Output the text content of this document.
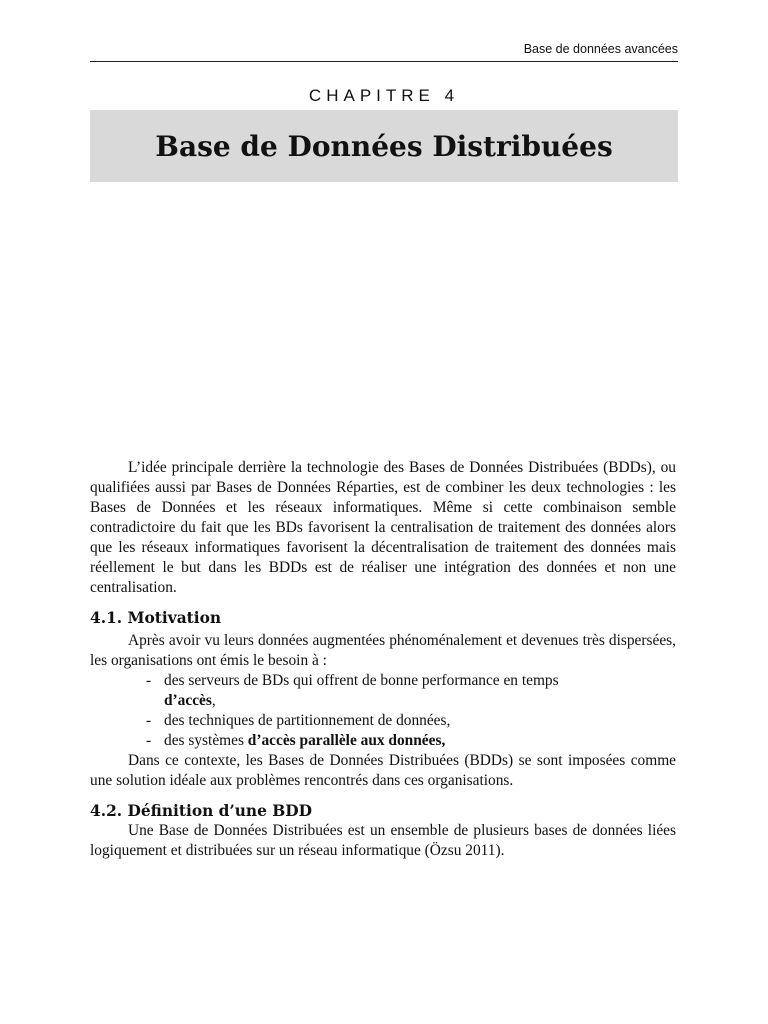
Base de données avancées
CHAPITRE 4
Base de Données Distribuées

L’idée principale derrière la technologie des Bases de Données Distribuées (BDDs), ou qualifiées aussi par Bases de Données Réparties, est de combiner les deux technologies : les Bases de Données et les réseaux informatiques. Même si cette combinaison semble contradictoire du fait que les BDs favorisent la centralisation de traitement des données alors que les réseaux informatiques favorisent la décentralisation de traitement des données mais réellement le but dans les BDDs est de réaliser une intégration des données et non une centralisation.

4.1. Motivation

Après avoir vu leurs données augmentées phénoménalement et devenues très dispersées, les organisations ont émis le besoin à :

- des serveurs de BDs qui offrent de bonne performance en temps
d’accès,
- des techniques de partitionnement de données,
- des systèmes d’accès parallèle aux données,

Dans ce contexte, les Bases de Données Distribuées (BDDs) se sont imposées comme une solution idéale aux problèmes rencontrés dans ces organisations.

4.2. Définition d’une BDD

Une Base de Données Distribuées est un ensemble de plusieurs bases de données liées logiquement et distribuées sur un réseau informatique (Özsu 2011).
